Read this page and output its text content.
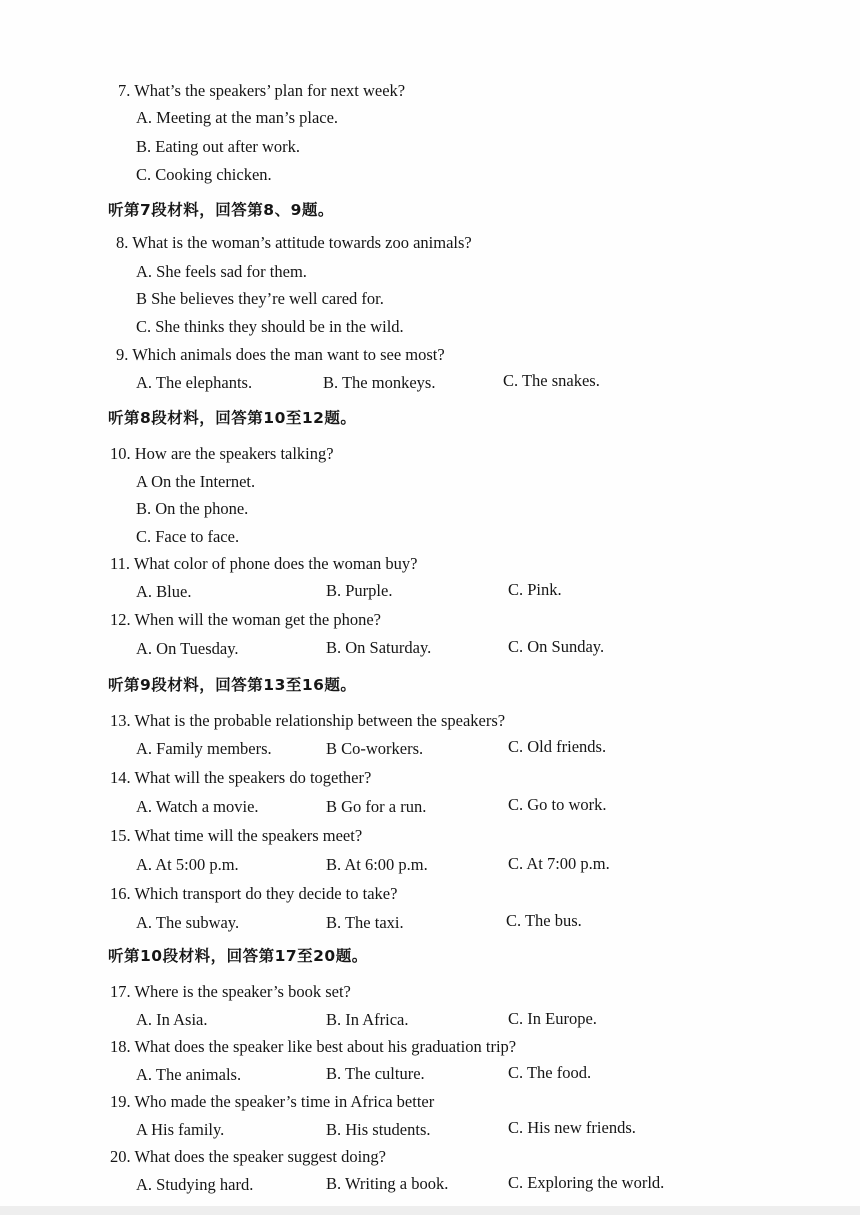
7. What’s the speakers’ plan for next week?
A. Meeting at the man’s place.
B. Eating out after work.
C. Cooking chicken.
听第7段材料，回答第8、9题。
8. What is the woman’s attitude towards zoo animals?
A. She feels sad for them.
B She believes they’re well cared for.
C. She thinks they should be in the wild.
9. Which animals does the man want to see most?
A. The elephants.	B. The monkeys.	C. The snakes.
听第8段材料，回答第10至12题。
10. How are the speakers talking?
A On the Internet.
B. On the phone.
C. Face to face.
11. What color of phone does the woman buy?
A. Blue.	B. Purple.	C. Pink.
12. When will the woman get the phone?
A. On Tuesday.	B. On Saturday.	C. On Sunday.
听第9段材料，回答第13至16题。
13. What is the probable relationship between the speakers?
A. Family members.	B Co-workers.	C. Old friends.
14. What will the speakers do together?
A. Watch a movie.	B Go for a run.	C. Go to work.
15. What time will the speakers meet?
A. At 5:00 p.m.	B. At 6:00 p.m.	C. At 7:00 p.m.
16. Which transport do they decide to take?
A. The subway.	B. The taxi.	C. The bus.
听第10段材料，回答第17至20题。
17. Where is the speaker’s book set?
A. In Asia.	B. In Africa.	C. In Europe.
18. What does the speaker like best about his graduation trip?
A. The animals.	B. The culture.	C. The food.
19. Who made the speaker’s time in Africa better
A His family.	B. His students.	C. His new friends.
20. What does the speaker suggest doing?
A. Studying hard.	B. Writing a book.	C. Exploring the world.
